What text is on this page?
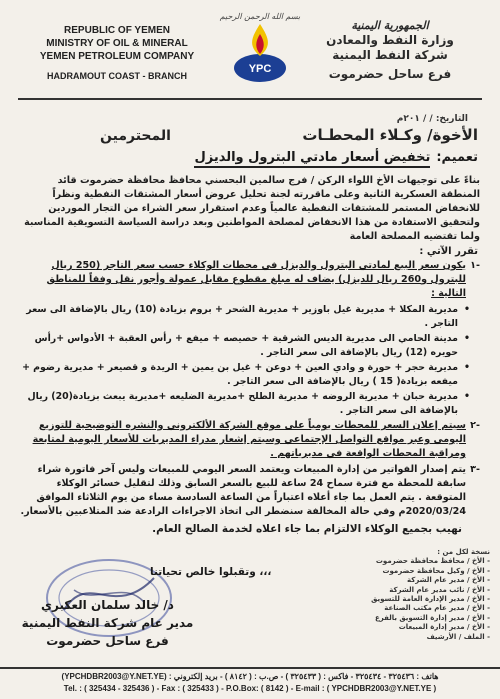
REPUBLIC OF YEMEN
MINISTRY OF OIL & MINERAL
YEMEN PETROLEUM COMPANY
HADRAMOUT COAST - BRANCH
بسم الله الرحمن الرحيم
YPC
الجمهورية اليمنية
وزارة النفط والمعادن
شركة النفط اليمنية
فرع ساحل حضرموت
التاريخ: / / ٢٠١م
الأخوة/ وكـلاء المحطـات
المحترمين
تعميم:
تخفيض أسعار مادتي البترول والديزل

بناءً على توجيهات الأخ اللواء الركن / فرج سالمين البحسني محافظ محافظة حضرموت قائد المنطقة العسكرية الثانية وعلى ماقررته لجنة تحليل عروض أسعار المشتقات النفطية ونظراً للانخفاض المستمر للمشتقات النفطية عالمياً وعدم استقرار سعر الشراء من التجار الموردين ولتحقيق الاستفادة من هذا الانخفاض لمصلحة المواطنين وبعد دراسة السياسة التسويقية المناسبة ولما تقتضيه المصلحة العامة

تقرر الآتي :
-١
يكون سعر البيع لمادتي البترول والديزل في محطات الوكلاء حسب سعر التاجر (250 ريال للبترول و260 ريال للديزل) يضاف له مبلغ مقطوع مقابل عمولة وأجور نقل وفقاً للمناطق التالية :
•
مديرية المكلا + مديرية غيل باوزير + مديرية الشحر + بروم بزيادة (10) ريال بالإضافة الى سعر التاجر .
•
مدينة الحامي الى مديرية الديس الشرقية + حصيصه + ميفع + رأس العقبة + الأدواس +رأس حويره (12) ريال بالإضافة الى سعر التاجر .
•
مديرية حجر + حورة و وادي العين + دوعن + غيل بن يمين + الريدة و قصيعر + مديرية رضوم + ميفعه بزيادة( 15 ) ريال بالإضافة الى سعر التاجر .
•
مديرية حبان + مديرية الروضه + مديرية الطلح +مديرية الضليعه +مديرية يبعث بزيادة(20) ريال بالإضافة الى سعر التاجر .
-٢
سيتم إعلان السعر للمحطات يومياً على موقع الشركة الألكتروني والنشره التوضيحية للتوزيع اليومي وعبر مواقع التواصل الإجتماعي وسيتم إشعار مدراء المديريات للأسعار اليومية لمتابعة ومراقبة المحطات الواقعة في مديرياتهم .
-٣
يتم إصدار الفواتير من إدارة المبيعات ويعتمد السعر اليومي للمبيعات وليس آخر فاتورة شراء سابقة للمحطة مع فترة سماح 24 ساعة للبيع بالسعر السابق وذلك لتقليل خسائر الوكلاء المتوقعة . يتم العمل بما جاء أعلاه اعتباراً من الساعة السادسة مساء من يوم الثلاثاء الموافق 2020/03/24م وفي حالة المخالفة سنضطر الى اتخاذ الاجراءات الرادعة ضد المتلاعبين بالأسعار.
نهيب بجميع الوكلاء الالتزام بما جاء اعلاه لخدمة الصالح العام.
نسخة لكل من :
- الأخ / محافظ محافظة حضرموت
- الأخ / وكيل محافظة حضرموت
- الأخ / مدير عام الشركة
- الأخ / نائب مدير عام الشركة
- الأخ / مدير الإدارة العامة للتسويق
- الأخ / مدير عام مكتب الصناعة
- الأخ / مدير إدارة التسويق بالفرع
- الأخ / مدير إدارة المبيعات
- الملف / الأرشيف
وتقبلوا خالص تحياتنا ،،،
د/ خالد سلمان العكبري
مدير عام شركة النفط اليمنية
فرع ساحل حضرموت
هاتف : ٣٢٥٤٣٦ - ٣٢٥٤٣٤ - فاكس : ( ٣٢٥٤٣٣ ) - ص.ب : ( ٨١٤٢ ) - بريد إلكتروني : (YPCHDBR2003@Y.NET.YE)
Tel. : ( 325434 - 325436 ) - Fax : ( 325433 ) - P.O.Box: ( 8142 ) - E-mail : ( YPCHDBR2003@Y.NET.YE )
